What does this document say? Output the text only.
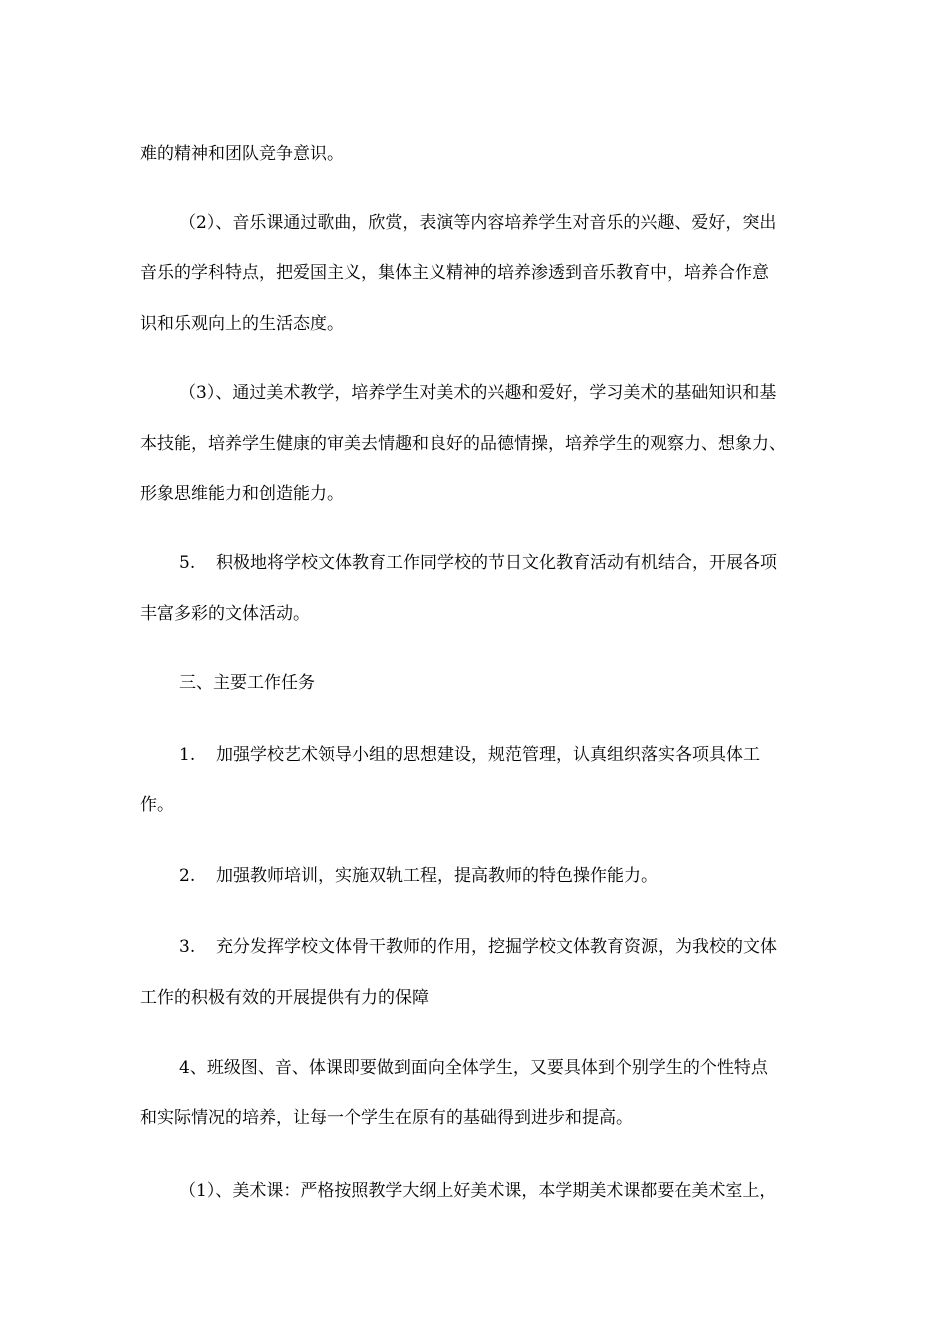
难的精神和团队竞争意识。
（2）、音乐课通过歌曲，欣赏，表演等内容培养学生对音乐的兴趣、爱好，突出
音乐的学科特点，把爱国主义，集体主义精神的培养渗透到音乐教育中，培养合作意
识和乐观向上的生活态度。
（3）、通过美术教学，培养学生对美术的兴趣和爱好，学习美术的基础知识和基
本技能，培养学生健康的审美去情趣和良好的品德情操，培养学生的观察力、想象力、
形象思维能力和创造能力。
5. 积极地将学校文体教育工作同学校的节日文化教育活动有机结合，开展各项
丰富多彩的文体活动。
三、主要工作任务
1. 加强学校艺术领导小组的思想建设，规范管理，认真组织落实各项具体工
作。
2. 加强教师培训，实施双轨工程，提高教师的特色操作能力。
3. 充分发挥学校文体骨干教师的作用，挖掘学校文体教育资源，为我校的文体
工作的积极有效的开展提供有力的保障
4、班级图、音、体课即要做到面向全体学生，又要具体到个别学生的个性特点
和实际情况的培养，让每一个学生在原有的基础得到进步和提高。
（1）、美术课：严格按照教学大纲上好美术课，本学期美术课都要在美术室上，
